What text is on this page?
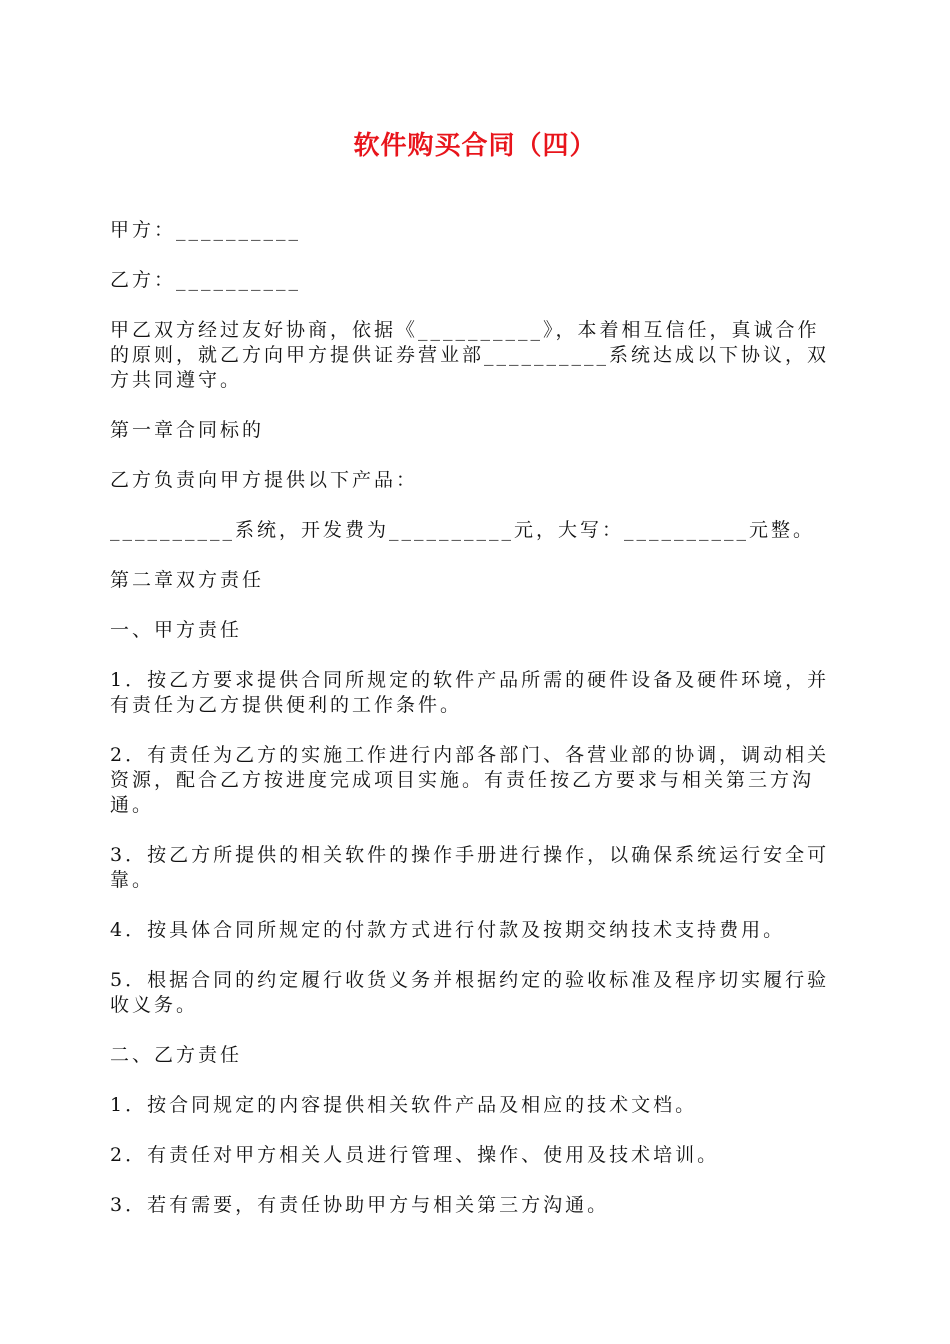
软件购买合同（四）

甲方：__________

乙方：__________

甲乙双方经过友好协商，依据《__________》，本着相互信任，真诚合作的原则，就乙方向甲方提供证券营业部__________系统达成以下协议，双方共同遵守。

第一章合同标的

乙方负责向甲方提供以下产品：

__________系统，开发费为__________元，大写：__________元整。

第二章双方责任

一、甲方责任

1．按乙方要求提供合同所规定的软件产品所需的硬件设备及硬件环境，并有责任为乙方提供便利的工作条件。

2．有责任为乙方的实施工作进行内部各部门、各营业部的协调，调动相关资源，配合乙方按进度完成项目实施。有责任按乙方要求与相关第三方沟通。

3．按乙方所提供的相关软件的操作手册进行操作，以确保系统运行安全可靠。

4．按具体合同所规定的付款方式进行付款及按期交纳技术支持费用。

5．根据合同的约定履行收货义务并根据约定的验收标准及程序切实履行验收义务。

二、乙方责任

1．按合同规定的内容提供相关软件产品及相应的技术文档。

2．有责任对甲方相关人员进行管理、操作、使用及技术培训。

3．若有需要，有责任协助甲方与相关第三方沟通。
